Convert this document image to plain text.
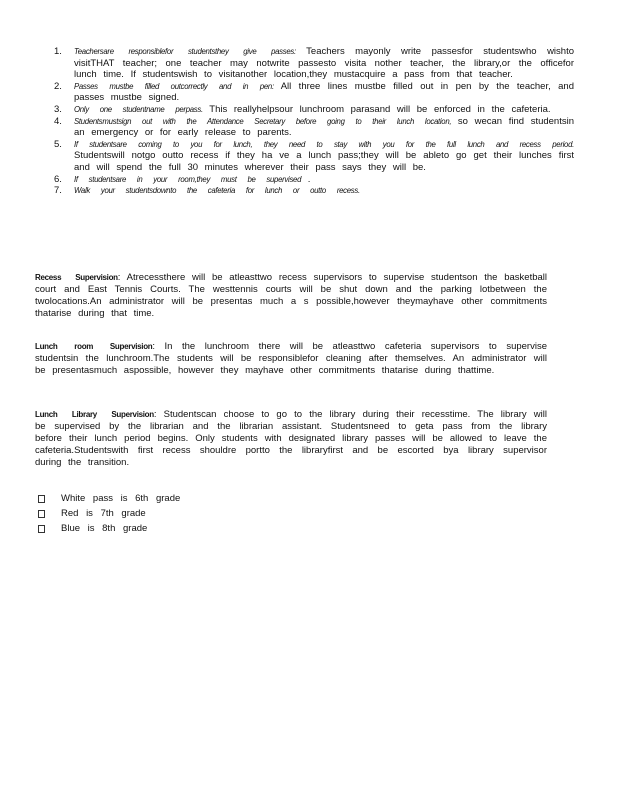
1.	Teachersare responsiblefor studentsthey give passes: Teachers mayonly write passesfor studentswho wishto visitTHAT teacher; one teacher may notwrite passesto visita nother teacher, the library,or the officefor lunch time. If studentswish to visitanother location,they mustacquire a pass from that teacher.
2.	Passes mustbe filled outcorrectly and in pen: All three lines mustbe filled out in pen by the teacher, and passes mustbe signed.
3.	Only one studentname perpass. This reallyhelpsour lunchroom parasand will be enforced in the cafeteria.
4.	Studentsmustsign out with the Attendance Secretary before going to their lunch location, so wecan find studentsin an emergency or for early release to parents.
5.	If studentsare coming to you for lunch, they need to stay with you for the full lunch and recess period. Studentswill notgo outto recess if they ha ve a lunch pass;they will be ableto go get their lunches first and will spend the full 30 minutes wherever their pass says they will be.
6.	If studentsare in your room,they must be supervised .
7.	Walk your studentsdownto the cafeteria for lunch or outto recess.
Recess Supervision: Atrecessthere will be atleasttwo recess supervisors to supervise studentson the basketball court and East Tennis Courts. The westtennis courts will be shut down and the parking lotbetween the twolocations.An administrator will be presentas much a s possible,however theymayhave other commitments thatarise during that time.
Lunch room Supervision: In the lunchroom there will be atleasttwo cafeteria supervisors to supervise studentsin the lunchroom.The students will be responsiblefor cleaning after themselves. An administrator will be presentasmuch aspossible, however they mayhave other commitments thatarise during thattime.
Lunch Library Supervision: Studentscan choose to go to the library during their recesstime. The library will be supervised by the librarian and the librarian assistant. Studentsneed to geta pass from the library before their lunch period begins. Only students with designated library passes will be allowed to leave the cafeteria.Studentswith first recess shouldre portto the libraryfirst and be escorted bya library supervisor during the transition.
White pass is 6th grade
Red is 7th grade
Blue is 8th grade
